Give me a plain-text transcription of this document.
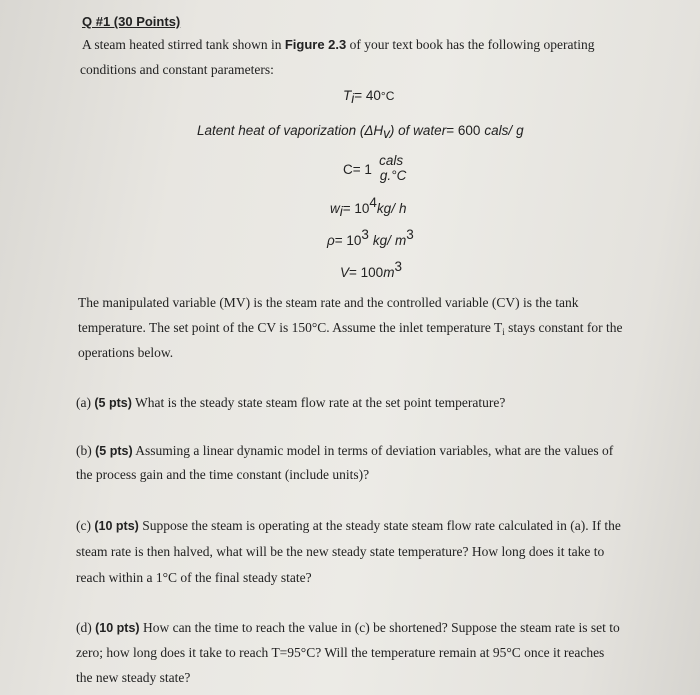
Q #1 (30 Points)
A steam heated stirred tank shown in Figure 2.3 of your text book has the following operating
conditions and constant parameters:
$T_i= 40^\circ C$
Latent heat of vaporization $(\Delta H_v)$ of water= 600 cals/ g
$_{C= 1}$
cals
g.°C
$w_i= 10^4kg/$ h
$\rho= 10^3$ kg/ $m^3$
$V= 100m^3$
The manipulated variable (MV) is the steam rate and the controlled variable (CV) is the tank
temperature. The set point of the CV is 150°C. Assume the inlet temperature $T_i$ stays constant for the
operations below.
(a) (5 pts) What is the steady state steam flow rate at the set point temperature?
(b) (5 pts) Assuming a linear dynamic model in terms of deviation variables, what are the values of
the process gain and the time constant (include units)?
(c) (10 pts) Suppose the steam is operating at the steady state steam flow rate calculated in (a). If the
steam rate is then halved, what will be the new steady state temperature? How long does it take to
reach within a 1°C of the final steady state?
(d) (10 pts) How can the time to reach the value in (c) be shortened? Suppose the steam rate is set to
zero; how long does it take to reach T=95°C? Will the temperature remain at 95°C once it reaches
the new steady state?
